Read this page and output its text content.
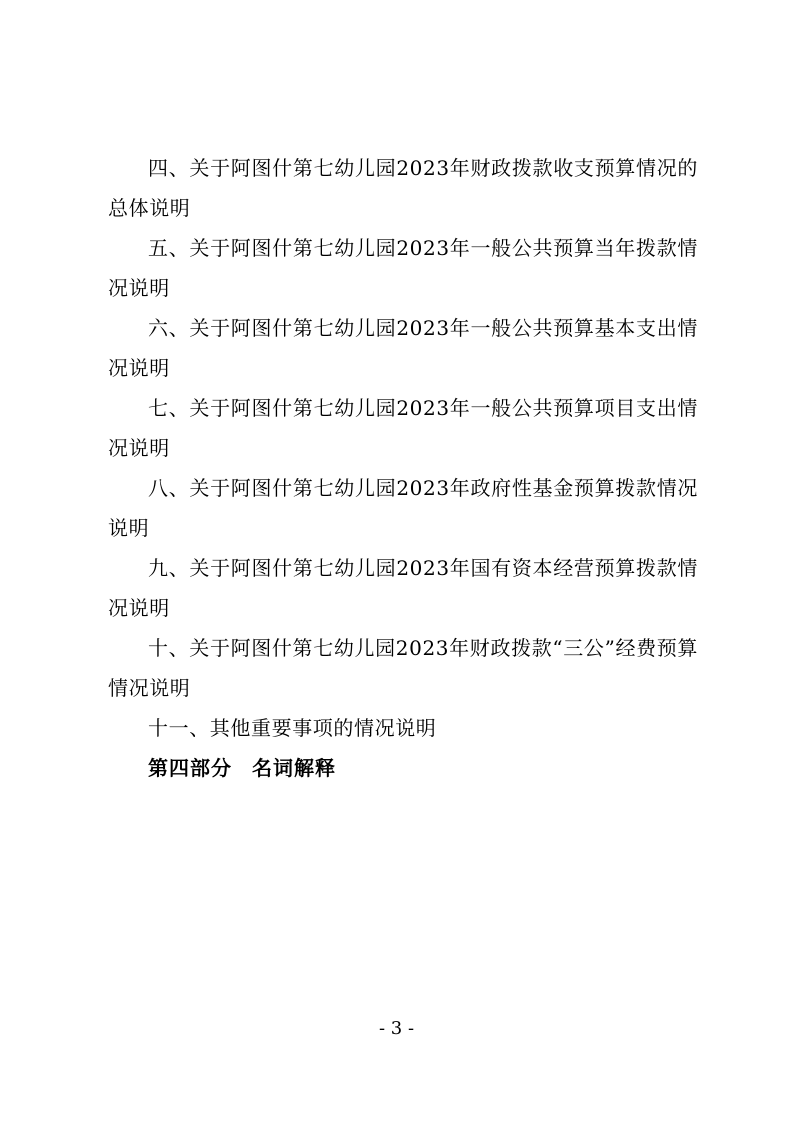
四、关于阿图什第七幼儿园2023年财政拨款收支预算情况的总体说明

五、关于阿图什第七幼儿园2023年一般公共预算当年拨款情况说明

六、关于阿图什第七幼儿园2023年一般公共预算基本支出情况说明

七、关于阿图什第七幼儿园2023年一般公共预算项目支出情况说明

八、关于阿图什第七幼儿园2023年政府性基金预算拨款情况说明

九、关于阿图什第七幼儿园2023年国有资本经营预算拨款情况说明

十、关于阿图什第七幼儿园2023年财政拨款“三公”经费预算情况说明

十一、其他重要事项的情况说明

第四部分 名词解释

- 3 -
